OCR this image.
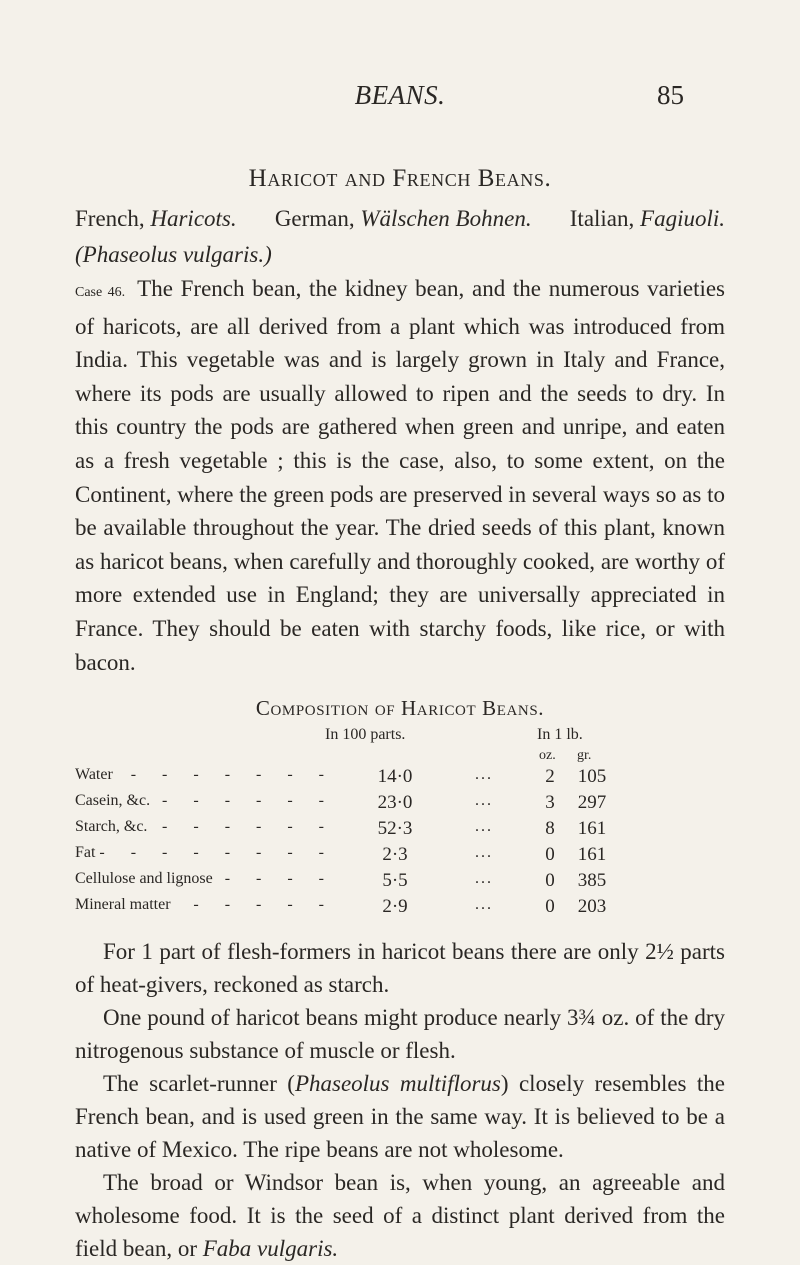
BEANS.	85
Haricot and French Beans.
French, Haricots. German, Wälschen Bohnen. Italian, Fagiuoli.
(Phaseolus vulgaris.)
Case 46. The French bean, the kidney bean, and the numerous varieties of haricots, are all derived from a plant which was introduced from India. This vegetable was and is largely grown in Italy and France, where its pods are usually allowed to ripen and the seeds to dry. In this country the pods are gathered when green and unripe, and eaten as a fresh vegetable ; this is the case, also, to some extent, on the Continent, where the green pods are preserved in several ways so as to be available throughout the year. The dried seeds of this plant, known as haricot beans, when carefully and thoroughly cooked, are worthy of more extended use in England; they are universally appreciated in France. They should be eaten with starchy foods, like rice, or with bacon.
Composition of Haricot Beans.
In 100 parts.	In 1 lb.
oz. gr.
Water	- - - - - - -	14·0	...	2	105
Casein, &c. - - - - - -	23·0	...	3	297
Starch, &c. - - - - - -	52·3	...	8	161
Fat - - - - - - - -	2·3	...	0	161
Cellulose and lignose - - - -	5·5	...	0	385
Mineral matter	- - - - -	2·9	...	0	203

For 1 part of flesh-formers in haricot beans there are only 2½ parts of heat-givers, reckoned as starch.

One pound of haricot beans might produce nearly 3¾ oz. of the dry nitrogenous substance of muscle or flesh.

The scarlet-runner (Phaseolus multiflorus) closely resembles the French bean, and is used green in the same way. It is believed to be a native of Mexico. The ripe beans are not wholesome.

The broad or Windsor bean is, when young, an agreeable and wholesome food. It is the seed of a distinct plant derived from the field bean, or Faba vulgaris.
